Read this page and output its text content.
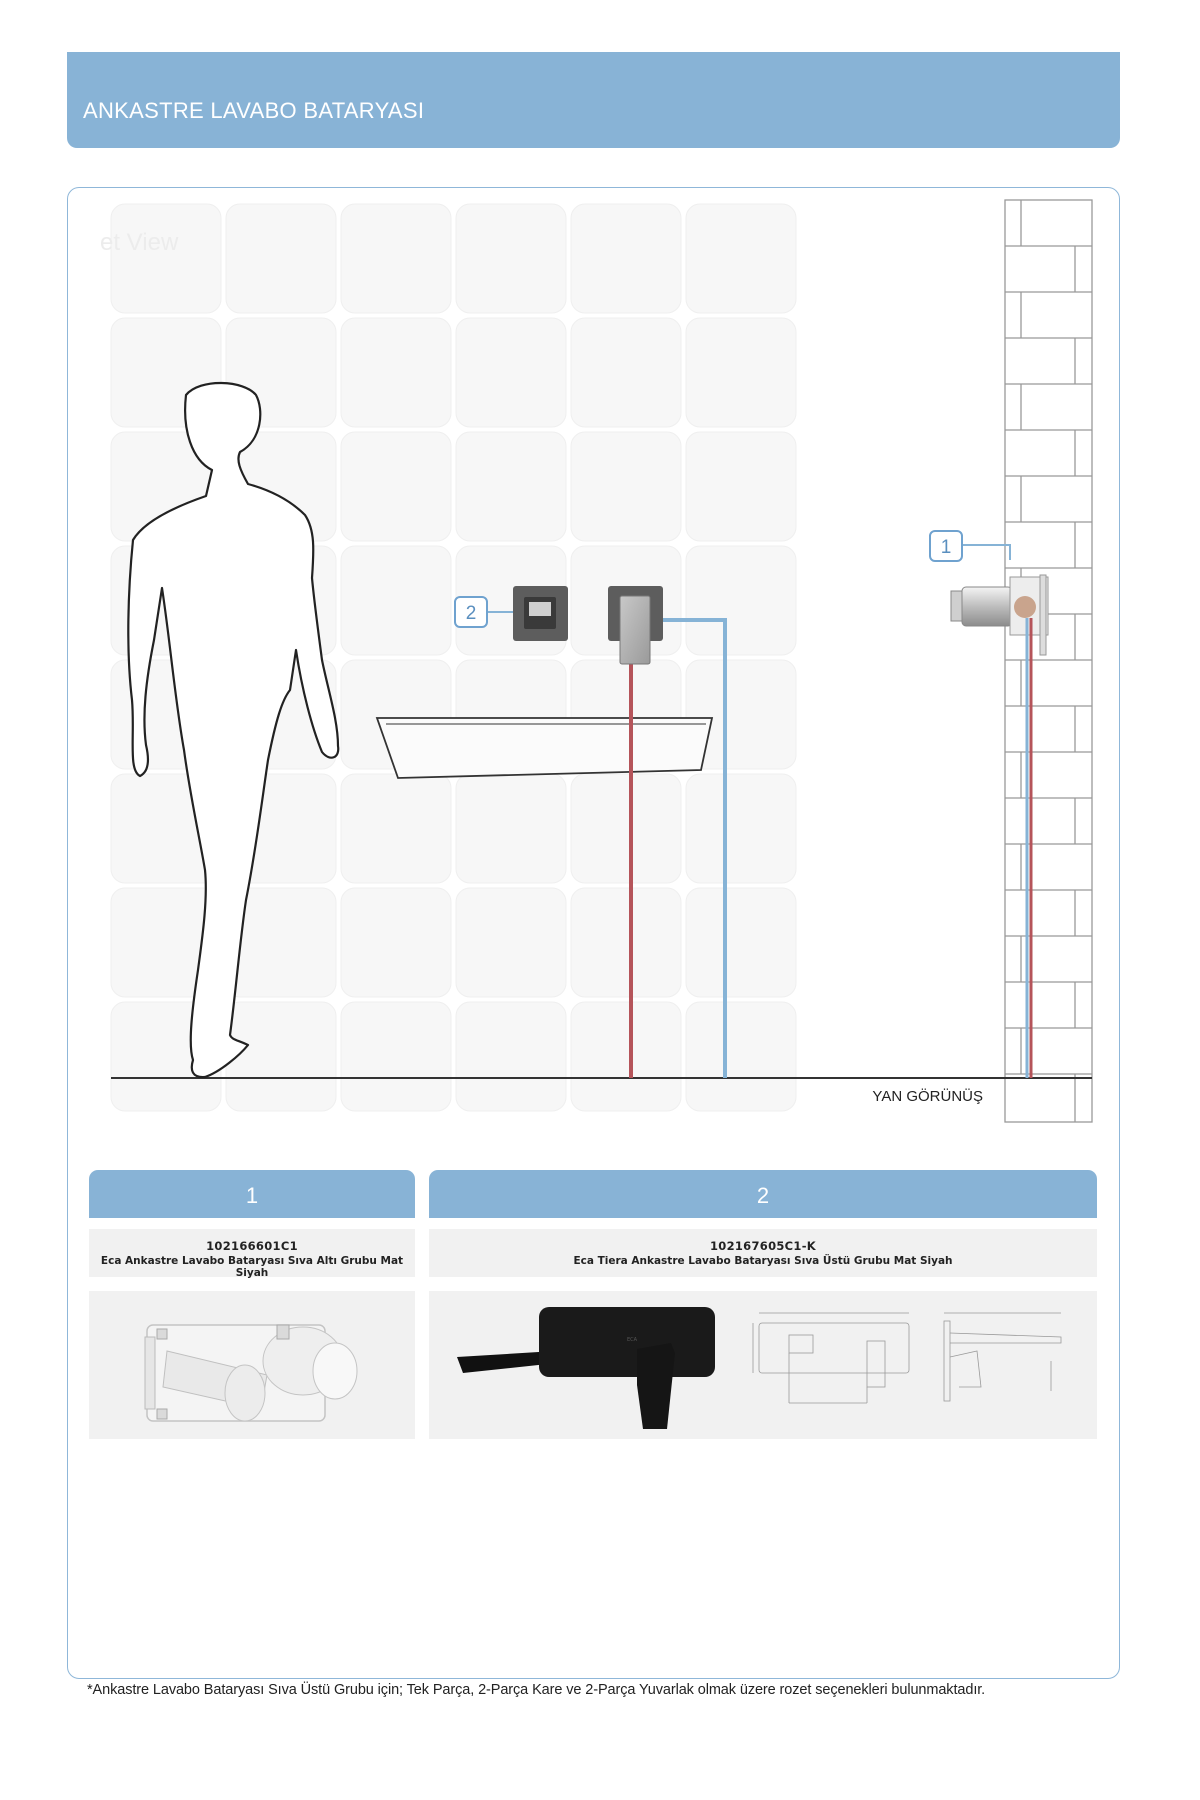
ANKASTRE LAVABO BATARYASI
et View
2
1
YAN GÖRÜNÜŞ
1
102166601C1
Eca Ankastre Lavabo Bataryası Sıva Altı Grubu Mat Siyah
2
102167605C1-K
Eca Tiera Ankastre Lavabo Bataryası Sıva Üstü Grubu Mat Siyah
ECA
*Ankastre Lavabo Bataryası Sıva Üstü Grubu için; Tek Parça, 2-Parça Kare ve 2-Parça Yuvarlak olmak üzere rozet seçenekleri bulunmaktadır.
